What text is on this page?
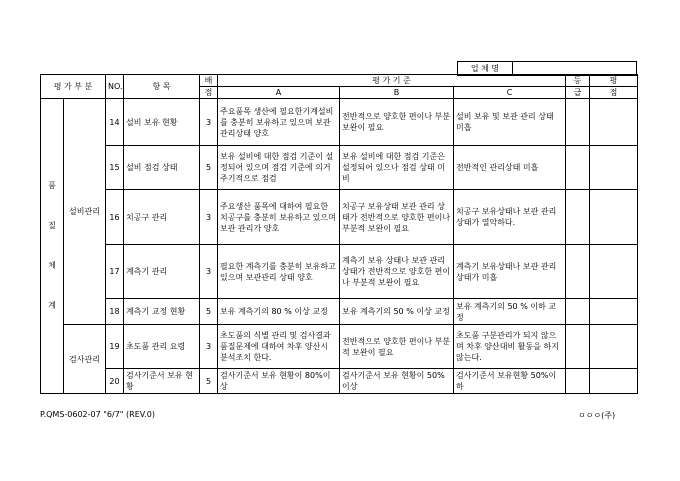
업 체 명	
평 가 부 분		NO.	항 목	배	평 가 기 준			등	평
				점	A	B	C	급	점

품
질
체
계	설비관리	14	설비 보유 현황	3	주요품목 생산에 필요한기계설비를 충분히 보유하고 있으며 보관 관리상태 양호	전반적으로 양호한 편이나 부분 보완이 필요	설비 보유 및 보관 관리 상태 미흡		
		15	설비 점검 상태	5	보유 설비에 대한 점검 기준이 설정되어 있으며 점검 기준에 의거 주기적으로 점검	보유 설비에 대한 점검 기준은 설정되어 있으나 점검 상태 미비	전반적인 관리상태 미흡		
		16	치공구 관리	3	주요생산 품목에 대하여 필요한 치공구를 충분히 보유하고 있으며 보관 관리가 양호	치공구 보유상태 보관 관리 상태가 전반적으로 양호한 편이나 부분적 보완이 필요	치공구 보유상태나 보관 관리 상태가 열악하다.		
		17	계측기 관리	3	필요한 계측기를 충분히 보유하고 있으며 보관관리 상태 양호	계측기 보유 상태나 보관 관리 상태가 전반적으로 양호한 편이나 부분적 보완이 필요	계측기 보유상태나 보관 관리 상태가 미흡		
		18	계측기 교정 현황	5	보유 계측기의 80 % 이상 교정	보유 계측기의 50 % 이상 교정	보유 계측기의 50 % 이하 교정		
	검사관리	19	초도품 관리 요령	3	초도품의 식별 관리 및 검사결과 품질문제에 대하여 차후 양산시 분석조치 한다.	전반적으로 양호한 편이나 부분적 보완이 필요	초도품 구분관리가 되지 않으며 차후 양산대비 활동을 하지 않는다.		
		20	검사기준서 보유 현황	5	검사기준서 보유 현황이 80%이상	검사기준서 보유 현황이 50%이상	검사기준서 보유현황 50%이하		
P.QMS-0602-07 "6/7" (REV.0)	ㅇㅇㅇ(주)
